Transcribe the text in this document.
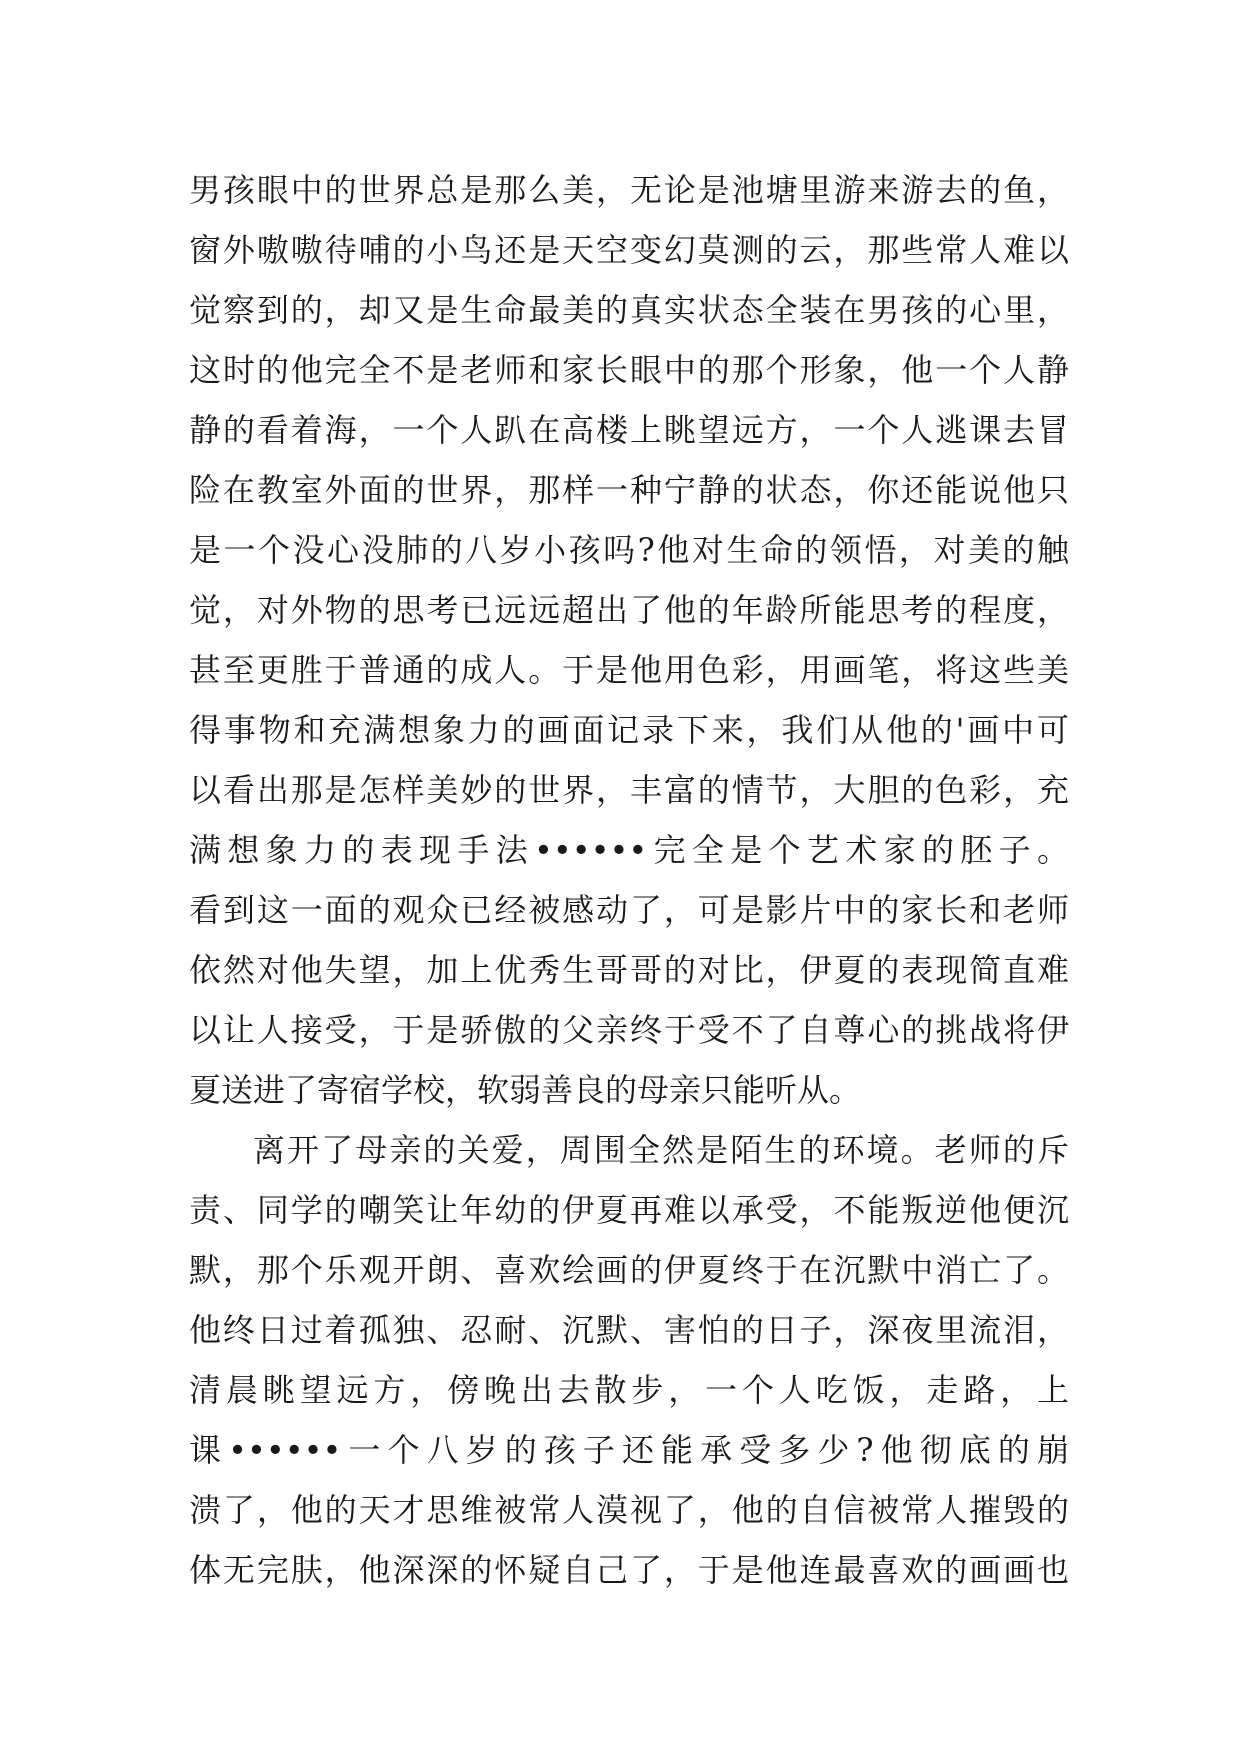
男孩眼中的世界总是那么美，无论是池塘里游来游去的鱼，
窗外嗷嗷待哺的小鸟还是天空变幻莫测的云，那些常人难以
觉察到的，却又是生命最美的真实状态全装在男孩的心里，
这时的他完全不是老师和家长眼中的那个形象，他一个人静
静的看着海，一个人趴在高楼上眺望远方，一个人逃课去冒
险在教室外面的世界，那样一种宁静的状态，你还能说他只
是一个没心没肺的八岁小孩吗?他对生命的领悟，对美的触
觉，对外物的思考已远远超出了他的年龄所能思考的程度，
甚至更胜于普通的成人。于是他用色彩，用画笔，将这些美
得事物和充满想象力的画面记录下来，我们从他的'画中可
以看出那是怎样美妙的世界，丰富的情节，大胆的色彩，充
满想象力的表现手法••••••完全是个艺术家的胚子。
看到这一面的观众已经被感动了，可是影片中的家长和老师
依然对他失望，加上优秀生哥哥的对比，伊夏的表现简直难
以让人接受，于是骄傲的父亲终于受不了自尊心的挑战将伊
夏送进了寄宿学校，软弱善良的母亲只能听从。
离开了母亲的关爱，周围全然是陌生的环境。老师的斥
责、同学的嘲笑让年幼的伊夏再难以承受，不能叛逆他便沉
默，那个乐观开朗、喜欢绘画的伊夏终于在沉默中消亡了。
他终日过着孤独、忍耐、沉默、害怕的日子，深夜里流泪，
清晨眺望远方，傍晚出去散步，一个人吃饭，走路，上
课••••••一个八岁的孩子还能承受多少?他彻底的崩
溃了，他的天才思维被常人漠视了，他的自信被常人摧毁的
体无完肤，他深深的怀疑自己了，于是他连最喜欢的画画也
